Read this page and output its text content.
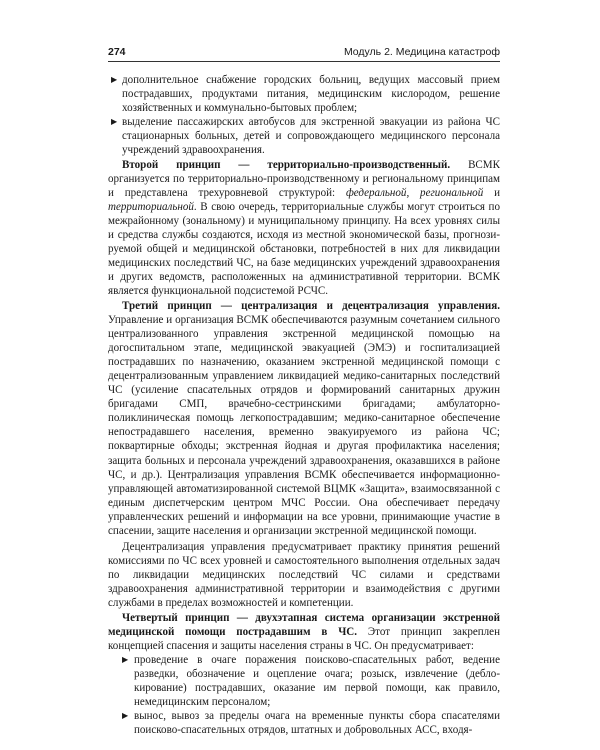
274	Модуль 2. Медицина катастроф

▶ дополнительное снабжение городских больниц, ведущих массовый прием пострадавших, продуктами питания, медицинским кислородом, решение хозяйственных и коммунально-бытовых проблем;

▶ выделение пассажирских автобусов для экстренной эвакуации из района ЧС стационарных больных, детей и сопровождающего медицинского персонала учреждений здравоохранения.

Второй принцип — территориально-производственный. ВСМК организуется по территориально-производственному и региональному принципам и представлена трехуровневой структурой: федеральной, региональной и территориальной. В свою очередь, территориальные службы могут строиться по межрайонному (зональному) и муниципальному принципу. На всех уровнях силы и средства службы создаются, исходя из местной экономической базы, прогнозируемой общей и медицинской обстановки, потребностей в них для ликвидации медицинских последствий ЧС, на базе медицинских учреждений здравоохранения и других ведомств, расположенных на административной территории. ВСМК является функциональной подсистемой РСЧС.

Третий принцип — централизация и децентрализация управления. Управление и организация ВСМК обеспечиваются разумным сочетанием сильного централизованного управления экстренной медицинской помощью на догоспитальном этапе, медицинской эвакуацией (ЭМЭ) и госпитализацией пострадавших по назначению, оказанием экстренной медицинской помощи с децентрализованным управлением ликвидацией медико-санитарных последствий ЧС (усиление спасательных отрядов и формирований санитарных дружин бригадами СМП, врачебно-сестринскими бригадами; амбулаторно-поликлиническая помощь легкопострадавшим; медико-санитарное обеспечение непострадавшего населения, временно эвакуируемого из района ЧС; поквартирные обходы; экстренная йодная и другая профилактика населения; защита больных и персонала учреждений здравоохранения, оказавшихся в районе ЧС, и др.). Централизация управления ВСМК обеспечивается информационно-управляющей автоматизированной системой ВЦМК «Защита», взаимосвязанной с единым диспетчерским центром МЧС России. Она обеспечивает передачу управленческих решений и информации на все уровни, принимающие участие в спасении, защите населения и организации экстренной медицинской помощи.

Децентрализация управления предусматривает практику принятия решений комиссиями по ЧС всех уровней и самостоятельного выполнения отдельных задач по ликвидации медицинских последствий ЧС силами и средствами здравоохранения административной территории и взаимодействия с другими службами в пределах возможностей и компетенции.

Четвертый принцип — двухэтапная система организации экстренной медицинской помощи пострадавшим в ЧС. Этот принцип закреплен концепцией спасения и защиты населения страны в ЧС. Он предусматривает:

▶ проведение в очаге поражения поисково-спасательных работ, ведение разведки, обозначение и оцепление очага; розыск, извлечение (деблокирование) пострадавших, оказание им первой помощи, как правило, немедицинским персоналом;

▶ вынос, вывоз за пределы очага на временные пункты сбора спасателями поисково-спасательных отрядов, штатных и добровольных АСС, входя-
